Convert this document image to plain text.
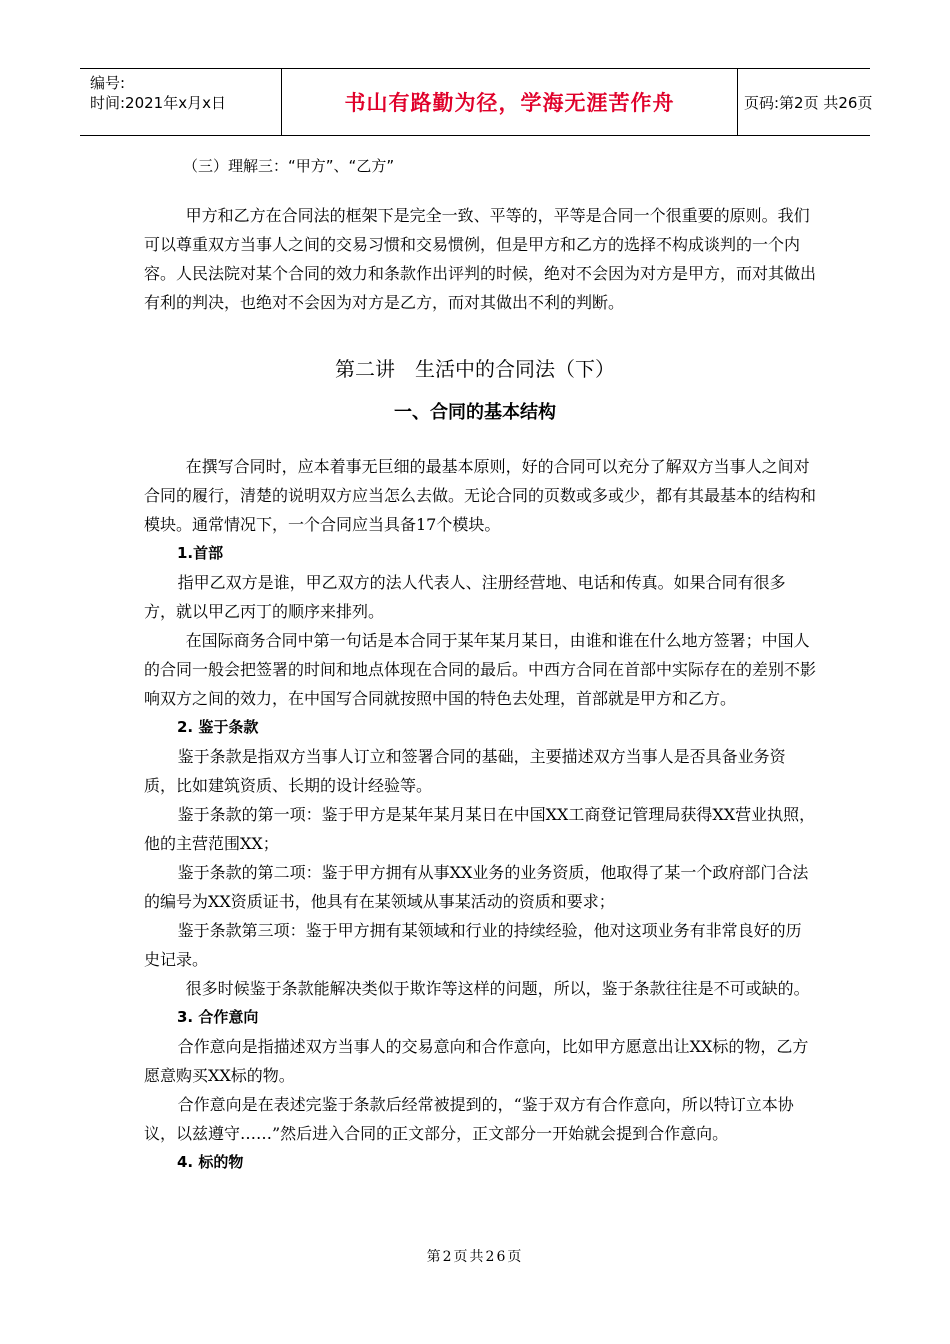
编号:
时间:2021年x月x日	书山有路勤为径，学海无涯苦作舟	页码:第2页 共26页

（三）理解三：“甲方”、“乙方”

甲方和乙方在合同法的框架下是完全一致、平等的，平等是合同一个很重要的原则。我们可以尊重双方当事人之间的交易习惯和交易惯例，但是甲方和乙方的选择不构成谈判的一个内容。人民法院对某个合同的效力和条款作出评判的时候，绝对不会因为对方是甲方，而对其做出有利的判决，也绝对不会因为对方是乙方，而对其做出不利的判断。

第二讲　生活中的合同法（下）
一、合同的基本结构

在撰写合同时，应本着事无巨细的最基本原则，好的合同可以充分了解双方当事人之间对合同的履行，清楚的说明双方应当怎么去做。无论合同的页数或多或少，都有其最基本的结构和模块。通常情况下，一个合同应当具备17个模块。

1.首部

指甲乙双方是谁，甲乙双方的法人代表人、注册经营地、电话和传真。如果合同有很多方，就以甲乙丙丁的顺序来排列。

在国际商务合同中第一句话是本合同于某年某月某日，由谁和谁在什么地方签署；中国人的合同一般会把签署的时间和地点体现在合同的最后。中西方合同在首部中实际存在的差别不影响双方之间的效力，在中国写合同就按照中国的特色去处理，首部就是甲方和乙方。

2. 鉴于条款

鉴于条款是指双方当事人订立和签署合同的基础，主要描述双方当事人是否具备业务资质，比如建筑资质、长期的设计经验等。

鉴于条款的第一项：鉴于甲方是某年某月某日在中国XX工商登记管理局获得XX营业执照，他的主营范围XX；

鉴于条款的第二项：鉴于甲方拥有从事XX业务的业务资质，他取得了某一个政府部门合法的编号为XX资质证书，他具有在某领域从事某活动的资质和要求；

鉴于条款第三项：鉴于甲方拥有某领域和行业的持续经验，他对这项业务有非常良好的历史记录。

很多时候鉴于条款能解决类似于欺诈等这样的问题，所以，鉴于条款往往是不可或缺的。

3. 合作意向

合作意向是指描述双方当事人的交易意向和合作意向，比如甲方愿意出让XX标的物，乙方愿意购买XX标的物。

合作意向是在表述完鉴于条款后经常被提到的，“鉴于双方有合作意向，所以特订立本协议，以兹遵守……”然后进入合同的正文部分，正文部分一开始就会提到合作意向。

4. 标的物

第2页共26页
